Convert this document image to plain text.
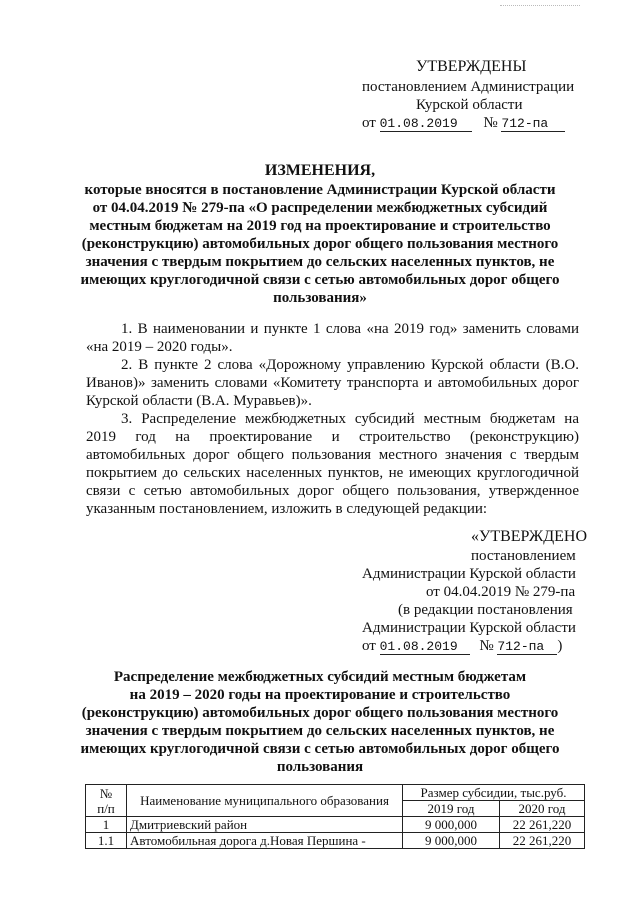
УТВЕРЖДЕНЫ
постановлением Администрации
Курской области
от 01.08.2019 № 712-па
ИЗМЕНЕНИЯ,
которые вносятся в постановление Администрации Курской области
от 04.04.2019 № 279-па «О распределении межбюджетных субсидий
местным бюджетам на 2019 год на проектирование и строительство
(реконструкцию) автомобильных дорог общего пользования местного
значения с твердым покрытием до сельских населенных пунктов, не
имеющих круглогодичной связи с сетью автомобильных дорог общего
пользования»
1. В наименовании и пункте 1 слова «на 2019 год» заменить словами «на 2019 – 2020 годы».
2. В пункте 2 слова «Дорожному управлению Курской области (В.О. Иванов)» заменить словами «Комитету транспорта и автомобильных дорог Курской области (В.А. Муравьев)».
3. Распределение межбюджетных субсидий местным бюджетам на 2019 год на проектирование и строительство (реконструкцию) автомобильных дорог общего пользования местного значения с твердым покрытием до сельских населенных пунктов, не имеющих круглогодичной связи с сетью автомобильных дорог общего пользования, утвержденное указанным постановлением, изложить в следующей редакции:
«УТВЕРЖДЕНО
постановлением
Администрации Курской области
от 04.04.2019 № 279-па
(в редакции постановления
Администрации Курской области
от 01.08.2019 № 712-па )
Распределение межбюджетных субсидий местным бюджетам
на 2019 – 2020 годы на проектирование и строительство
(реконструкцию) автомобильных дорог общего пользования местного
значения с твердым покрытием до сельских населенных пунктов, не
имеющих круглогодичной связи с сетью автомобильных дорог общего
пользования
№
п/п	Наименование муниципального образования	Размер субсидии, тыс.руб.	
		2019 год	2020 год
1	Дмитриевский район	9 000,000	22 261,220
1.1	Автомобильная дорога д.Новая Першина -	9 000,000	22 261,220
